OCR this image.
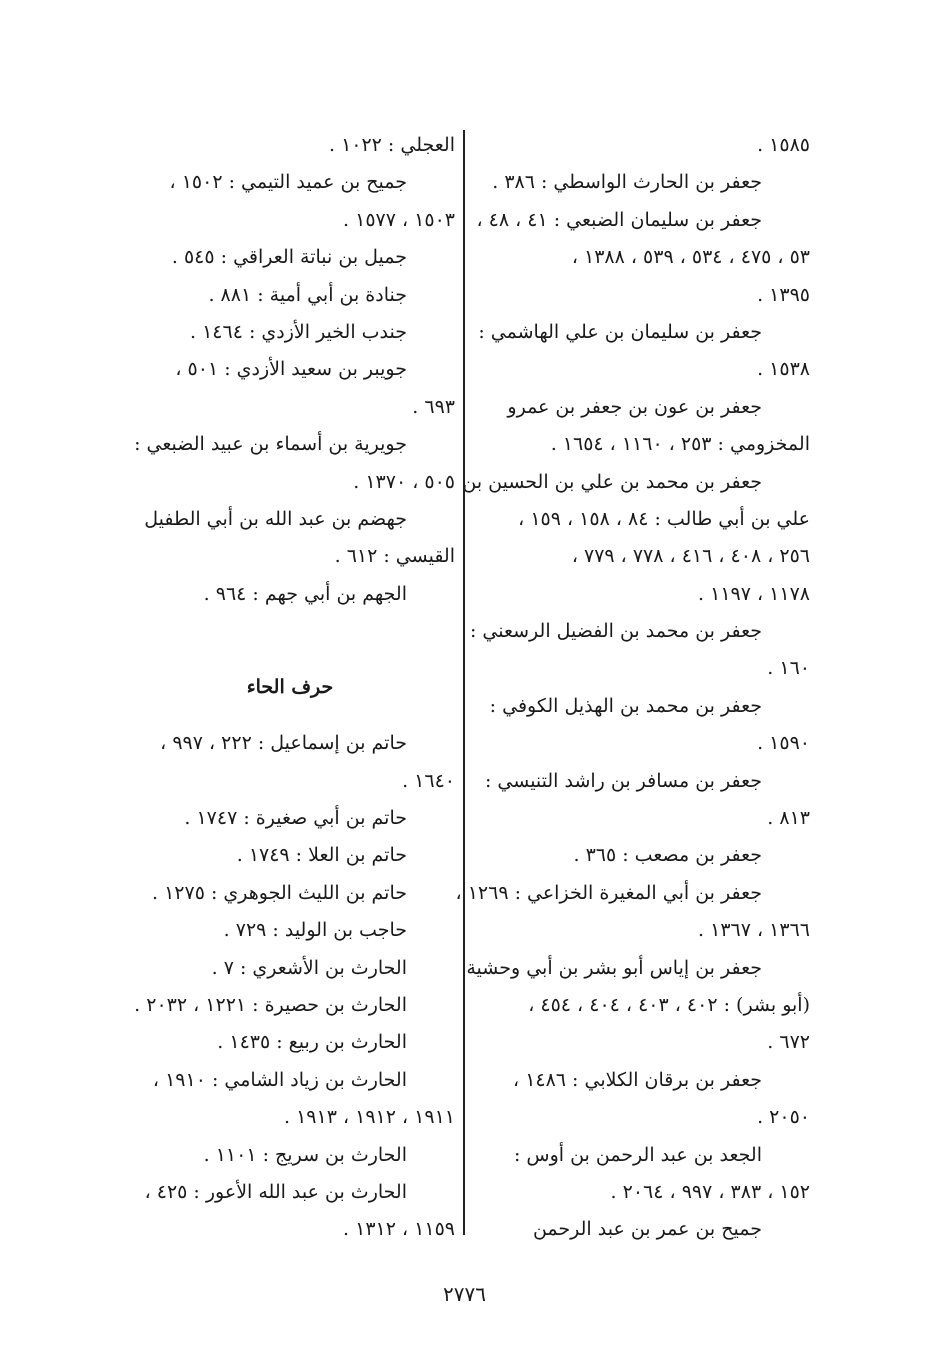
١٥٨٥ .
جعفر بن الحارث الواسطي : ٣٨٦ .
جعفر بن سليمان الضبعي : ٤١ ، ٤٨ ،
٥٣ ، ٤٧٥ ، ٥٣٤ ، ٥٣٩ ، ١٣٨٨ ،
١٣٩٥ .
جعفر بن سليمان بن علي الهاشمي :
١٥٣٨ .
جعفر بن عون بن جعفر بن عمرو
المخزومي : ٢٥٣ ، ١١٦٠ ، ١٦٥٤ .
جعفر بن محمد بن علي بن الحسين بن
علي بن أبي طالب : ٨٤ ، ١٥٨ ، ١٥٩ ،
٢٥٦ ، ٤٠٨ ، ٤١٦ ، ٧٧٨ ، ٧٧٩ ،
١١٧٨ ، ١١٩٧ .
جعفر بن محمد بن الفضيل الرسعني :
١٦٠ .
جعفر بن محمد بن الهذيل الكوفي :
١٥٩٠ .
جعفر بن مسافر بن راشد التنيسي :
٨١٣ .
جعفر بن مصعب : ٣٦٥ .
جعفر بن أبي المغيرة الخزاعي : ١٢٦٩ ،
١٣٦٦ ، ١٣٦٧ .
جعفر بن إياس أبو بشر بن أبي وحشية
(أبو بشر) : ٤٠٢ ، ٤٠٣ ، ٤٠٤ ، ٤٥٤ ،
٦٧٢ .
جعفر بن برقان الكلابي : ١٤٨٦ ،
٢٠٥٠ .
الجعد بن عبد الرحمن بن أوس :
١٥٢ ، ٣٨٣ ، ٩٩٧ ، ٢٠٦٤ .
جميح بن عمر بن عبد الرحمن
العجلي : ١٠٢٢ .
جميح بن عميد التيمي : ١٥٠٢ ،
١٥٠٣ ، ١٥٧٧ .
جميل بن نباتة العراقي : ٥٤٥ .
جنادة بن أبي أمية : ٨٨١ .
جندب الخير الأزدي : ١٤٦٤ .
جويبر بن سعيد الأزدي : ٥٠١ ،
٦٩٣ .
جويرية بن أسماء بن عبيد الضبعي :
٥٠٥ ، ١٣٧٠ .
جهضم بن عبد الله بن أبي الطفيل
القيسي : ٦١٢ .
الجهم بن أبي جهم : ٩٦٤ .
حرف الحاء
حاتم بن إسماعيل : ٢٢٢ ، ٩٩٧ ،
١٦٤٠ .
حاتم بن أبي صغيرة : ١٧٤٧ .
حاتم بن العلا : ١٧٤٩ .
حاتم بن الليث الجوهري : ١٢٧٥ .
حاجب بن الوليد : ٧٢٩ .
الحارث بن الأشعري : ٧ .
الحارث بن حصيرة : ١٢٢١ ، ٢٠٣٢ .
الحارث بن ربيع : ١٤٣٥ .
الحارث بن زياد الشامي : ١٩١٠ ،
١٩١١ ، ١٩١٢ ، ١٩١٣ .
الحارث بن سريج : ١١٠١ .
الحارث بن عبد الله الأعور : ٤٢٥ ،
١١٥٩ ، ١٣١٢ .
٢٧٧٦
